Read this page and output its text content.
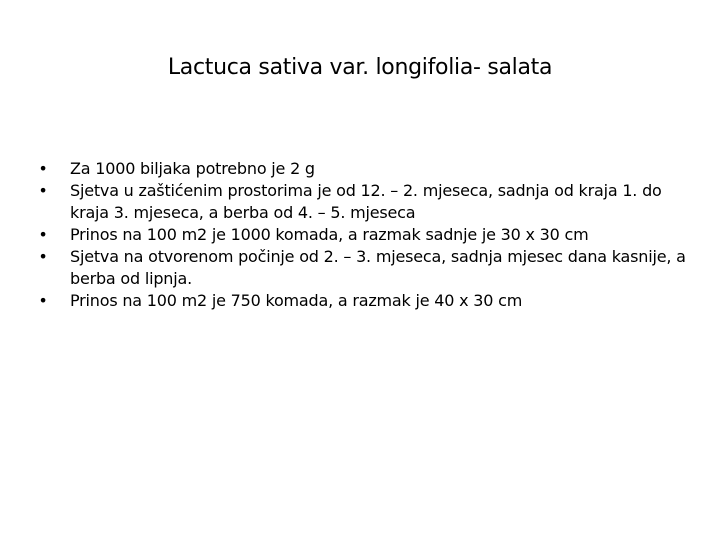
Lactuca sativa var. longifolia- salata
• Za 1000 biljaka potrebno je 2 g
• Sjetva u zaštićenim prostorima je od 12. – 2. mjeseca, sadnja od kraja 1. do kraja 3. mjeseca, a berba od 4. – 5. mjeseca
• Prinos na 100 m2 je 1000 komada, a razmak sadnje je 30 x 30 cm
• Sjetva na otvorenom počinje od 2. – 3. mjeseca, sadnja mjesec dana kasnije, a berba od lipnja.
• Prinos na 100 m2 je 750 komada, a razmak je 40 x 30 cm
